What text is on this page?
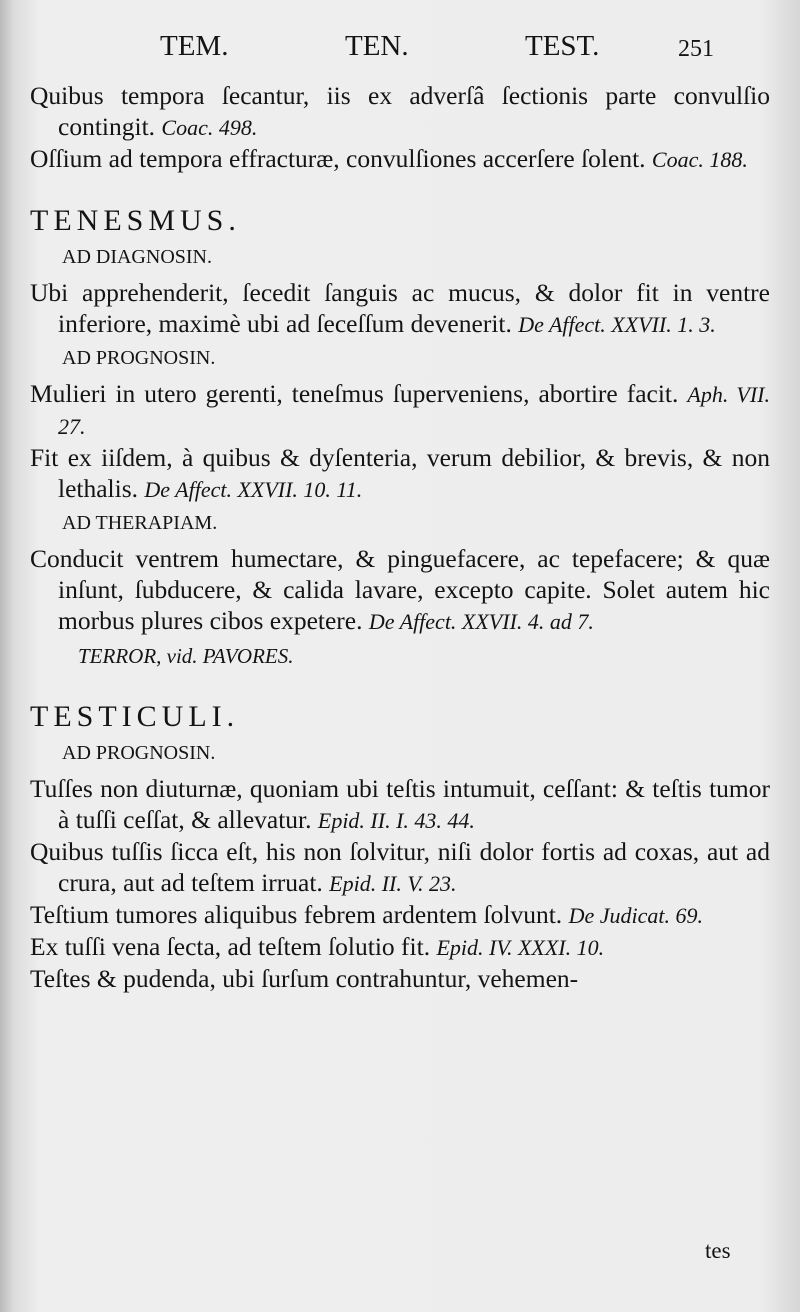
TEM.	TEN.	TEST.	251
Quibus tempora ſecantur, iis ex adverſâ ſectionis parte convulſio contingit. Coac. 498.
Oſſium ad tempora effracturæ, convulſiones accerſere ſolent. Coac. 188.
TENESMUS.
AD DIAGNOSIN.
Ubi apprehenderit, ſecedit ſanguis ac mucus, & dolor fit in ventre inferiore, maximè ubi ad ſeceſſum devenerit. De Affect. XXVII. 1. 3.
AD PROGNOSIN.
Mulieri in utero gerenti, teneſmus ſuperveniens, abortire facit. Aph. VII. 27.
Fit ex iiſdem, à quibus & dyſenteria, verum debilior, & brevis, & non lethalis. De Affect. XXVII. 10. 11.
AD THERAPIAM.
Conducit ventrem humectare, & pinguefacere, ac tepefacere; & quæ inſunt, ſubducere, & calida lavare, excepto capite. Solet autem hic morbus plures cibos expetere. De Affect. XXVII. 4. ad 7.
TERROR, vid. PAVORES.
TESTICULI.
AD PROGNOSIN.
Tuſſes non diuturnæ, quoniam ubi teſtis intumuit, ceſſant: & teſtis tumor à tuſſi ceſſat, & allevatur. Epid. II. I. 43. 44.
Quibus tuſſis ſicca eſt, his non ſolvitur, niſi dolor fortis ad coxas, aut ad crura, aut ad teſtem irruat. Epid. II. V. 23.
Teſtium tumores aliquibus febrem ardentem ſolvunt. De Judicat. 69.
Ex tuſſi vena ſecta, ad teſtem ſolutio fit. Epid. IV. XXXI. 10.
Teſtes & pudenda, ubi ſurſum contrahuntur, vehemen-
tes
